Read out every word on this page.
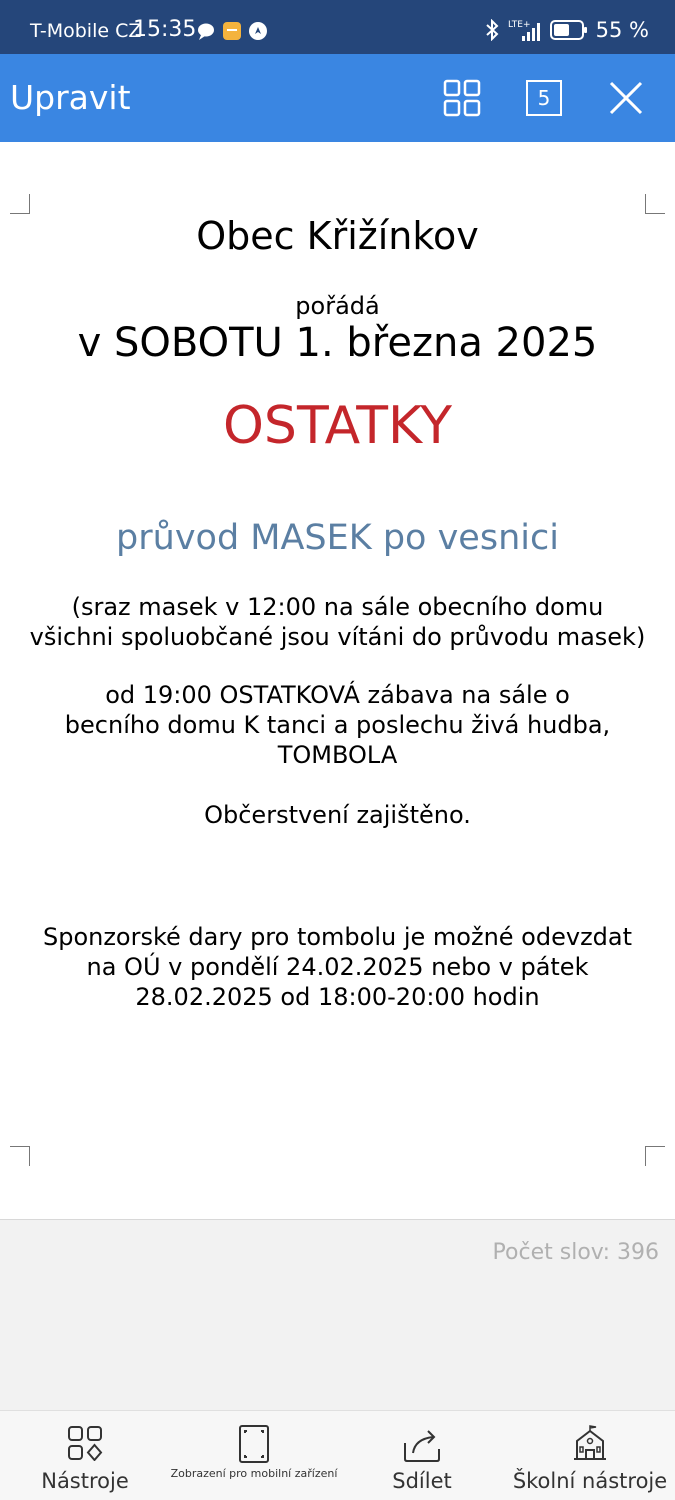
T-Mobile CZ
15:35	LTE+	55 %
Upravit	5
Obec Křižínkov
pořádá
v SOBOTU 1. března 2025
OSTATKY
průvod MASEK po vesnici
(sraz masek v 12:00 na sále obecního domu
všichni spoluobčané jsou vítáni do průvodu masek)
od 19:00 OSTATKOVÁ zábava na sále o
becního domu K tanci a poslechu živá hudba,
TOMBOLA
Občerstvení zajištěno.
Sponzorské dary pro tombolu je možné odevzdat
na OÚ v pondělí 24.02.2025 nebo v pátek
28.02.2025 od 18:00-20:00 hodin
Počet slov: 396
Nástroje	Zobrazení pro mobilní zařízení	Sdílet	Školní nástroje
